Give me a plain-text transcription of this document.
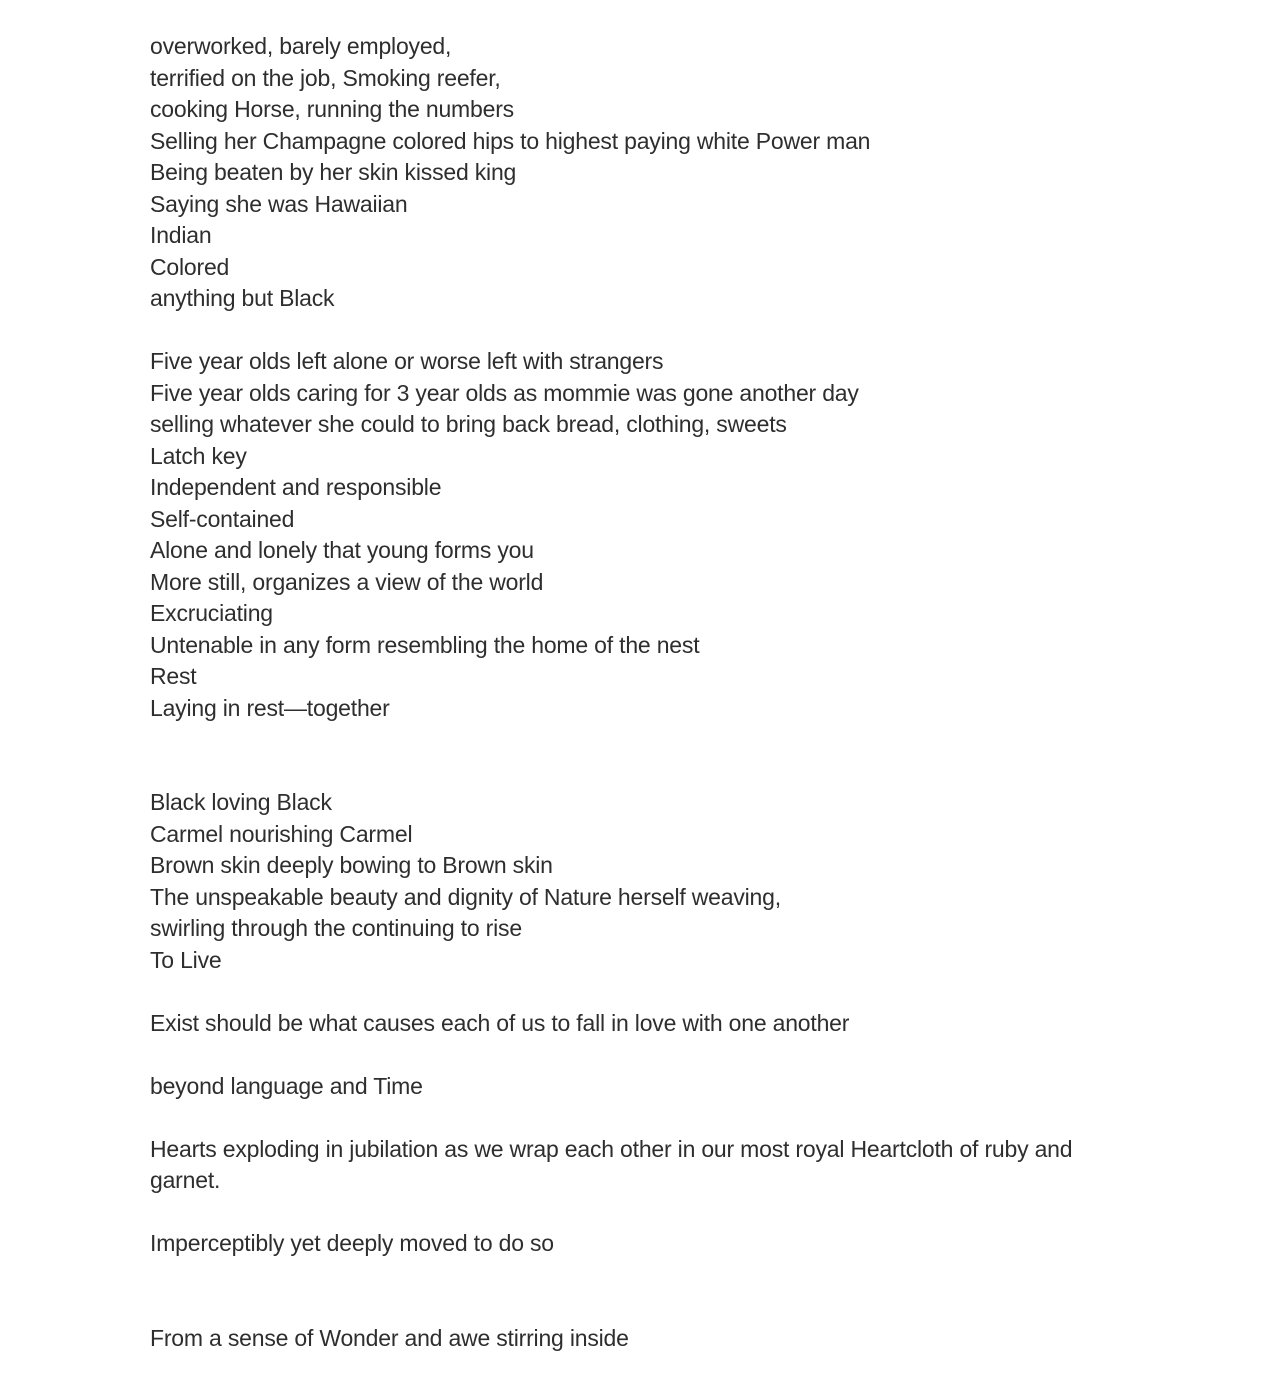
overworked, barely employed,
terrified on the job, Smoking reefer,
cooking Horse, running the numbers
Selling her Champagne colored hips to highest paying white Power man
Being beaten by her skin kissed king
Saying she was Hawaiian
Indian
Colored
anything but Black
Five year olds left alone or worse left with strangers
Five year olds caring for 3 year olds as mommie was gone another day
selling whatever she could to bring back bread, clothing, sweets
Latch key
Independent and responsible
Self-contained
Alone and lonely that young forms you
More still, organizes a view of the world
Excruciating
Untenable in any form resembling the home of the nest
Rest
Laying in rest—together
Black loving Black
Carmel nourishing Carmel
Brown skin deeply bowing to Brown skin
The unspeakable beauty and dignity of Nature herself weaving,
swirling through the continuing to rise
To Live
Exist should be what causes each of us to fall in love with one another
beyond language and Time
Hearts exploding in jubilation as we wrap each other in our most royal Heartcloth of ruby and garnet.
Imperceptibly yet deeply moved to do so
From a sense of Wonder and awe stirring inside
